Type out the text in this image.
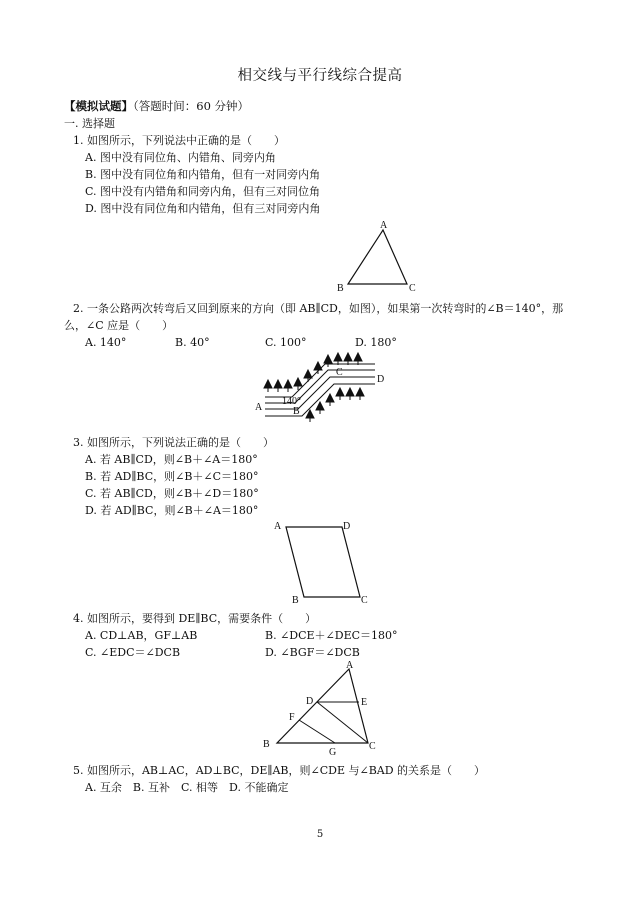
相交线与平行线综合提高
【模拟试题】（答题时间：60 分钟）
一. 选择题
1. 如图所示，下列说法中正确的是（　　）
A. 图中没有同位角、内错角、同旁内角
B. 图中没有同位角和内错角，但有一对同旁内角
C. 图中没有内错角和同旁内角，但有三对同位角
D. 图中没有同位角和内错角，但有三对同旁内角
A
B	C
2. 一条公路两次转弯后又回到原来的方向（即 AB∥CD，如图），如果第一次转弯时的∠B＝140°，那
么，∠C 应是（　　）
A. 140°	B. 40°	C. 100°	D. 180°
A	B
C
D
140°
3. 如图所示，下列说法正确的是（　　）
A. 若 AB∥CD，则∠B＋∠A＝180°
B. 若 AD∥BC，则∠B＋∠C＝180°
C. 若 AB∥CD，则∠B＋∠D＝180°
D. 若 AD∥BC，则∠B＋∠A＝180°
A	D
B	C
4. 如图所示，要得到 DE∥BC，需要条件（　　）
A. CD⊥AB，GF⊥AB	B. ∠DCE＋∠DEC＝180°
C. ∠EDC＝∠DCB	D. ∠BGF＝∠DCB
A
D	E
F
B
G
C
5. 如图所示，AB⊥AC，AD⊥BC，DE∥AB，则∠CDE 与∠BAD 的关系是（　　）
A. 互余　B. 互补　C. 相等　D. 不能确定
5
